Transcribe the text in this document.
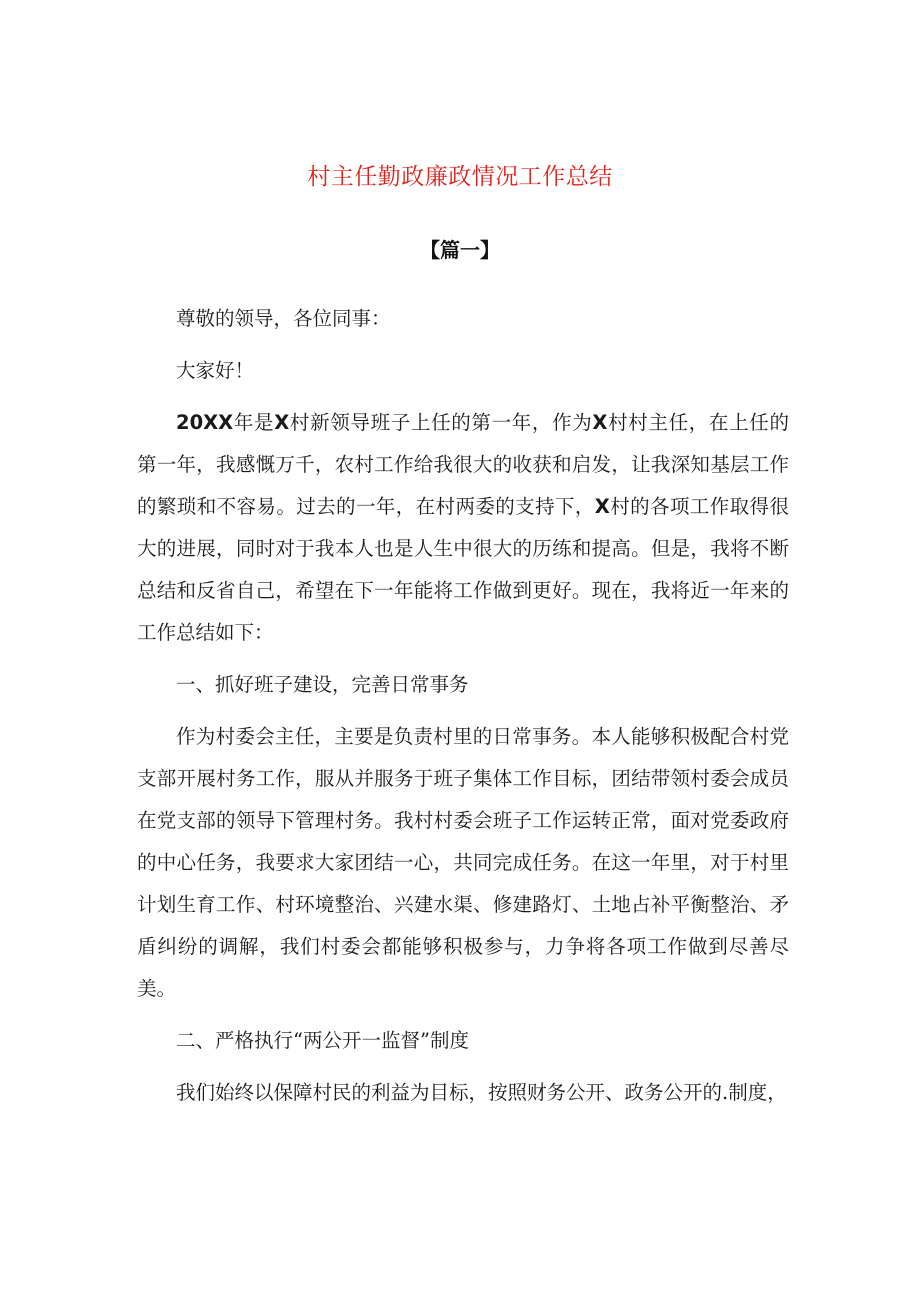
村主任勤政廉政情况工作总结
【篇一】

尊敬的领导，各位同事：

大家好！

20XX年是X村新领导班子上任的第一年，作为X村村主任，在上任的第一年，我感慨万千，农村工作给我很大的收获和启发，让我深知基层工作的繁琐和不容易。过去的一年，在村两委的支持下，X村的各项工作取得很大的进展，同时对于我本人也是人生中很大的历练和提高。但是，我将不断总结和反省自己，希望在下一年能将工作做到更好。现在，我将近一年来的工作总结如下：

一、抓好班子建设，完善日常事务

作为村委会主任，主要是负责村里的日常事务。本人能够积极配合村党支部开展村务工作，服从并服务于班子集体工作目标，团结带领村委会成员在党支部的领导下管理村务。我村村委会班子工作运转正常，面对党委政府的中心任务，我要求大家团结一心，共同完成任务。在这一年里，对于村里计划生育工作、村环境整治、兴建水渠、修建路灯、土地占补平衡整治、矛盾纠纷的调解，我们村委会都能够积极参与，力争将各项工作做到尽善尽美。

二、严格执行“两公开一监督”制度

我们始终以保障村民的利益为目标，按照财务公开、政务公开的.制度，
